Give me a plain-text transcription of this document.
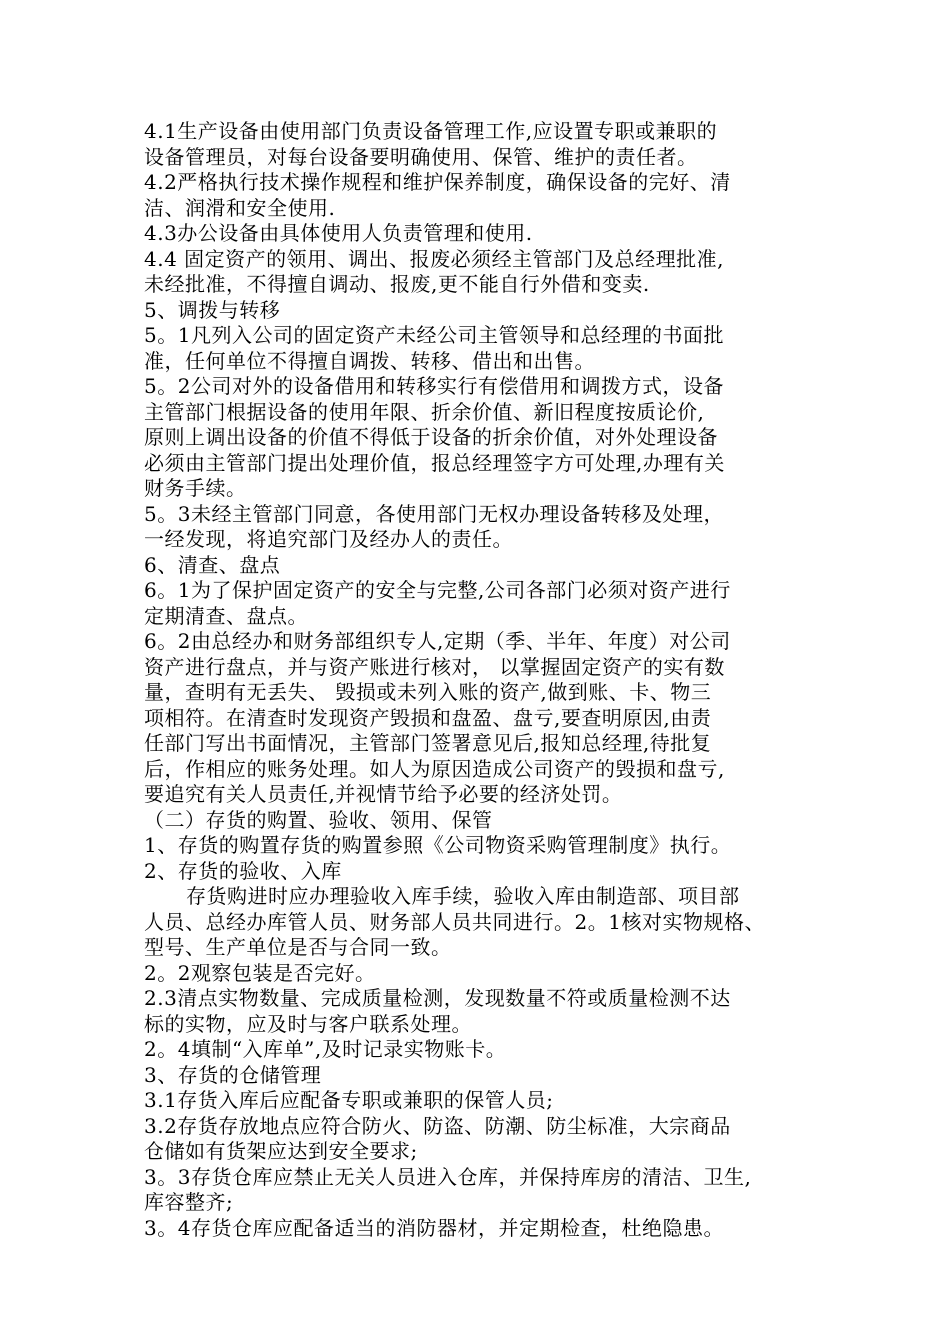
4.1生产设备由使用部门负责设备管理工作,应设置专职或兼职的
设备管理员，对每台设备要明确使用、保管、维护的责任者。
4.2严格执行技术操作规程和维护保养制度，确保设备的完好、清
洁、润滑和安全使用.
4.3办公设备由具体使用人负责管理和使用.
4.4 固定资产的领用、调出、报废必须经主管部门及总经理批准,
未经批准，不得擅自调动、报废,更不能自行外借和变卖.
5、调拨与转移
5。1凡列入公司的固定资产未经公司主管领导和总经理的书面批
准，任何单位不得擅自调拨、转移、借出和出售。
5。2公司对外的设备借用和转移实行有偿借用和调拨方式，设备
主管部门根据设备的使用年限、折余价值、新旧程度按质论价,
原则上调出设备的价值不得低于设备的折余价值，对外处理设备
必须由主管部门提出处理价值，报总经理签字方可处理,办理有关
财务手续。
5。3未经主管部门同意，各使用部门无权办理设备转移及处理，
一经发现，将追究部门及经办人的责任。
6、清查、盘点
6。1为了保护固定资产的安全与完整,公司各部门必须对资产进行
定期清查、盘点。
6。2由总经办和财务部组织专人,定期（季、半年、年度）对公司
资产进行盘点，并与资产账进行核对， 以掌握固定资产的实有数
量，查明有无丢失、 毁损或未列入账的资产,做到账、卡、物三
项相符。在清查时发现资产毁损和盘盈、盘亏,要查明原因,由责
任部门写出书面情况，主管部门签署意见后,报知总经理,待批复
后，作相应的账务处理。如人为原因造成公司资产的毁损和盘亏,
要追究有关人员责任,并视情节给予必要的经济处罚。
（二）存货的购置、验收、领用、保管
1、存货的购置存货的购置参照《公司物资采购管理制度》执行。
2、存货的验收、入库
存货购进时应办理验收入库手续，验收入库由制造部、项目部
人员、总经办库管人员、财务部人员共同进行。2。1核对实物规格、
型号、生产单位是否与合同一致。
2。2观察包装是否完好。
2.3清点实物数量、完成质量检测，发现数量不符或质量检测不达
标的实物，应及时与客户联系处理。
2。4填制“入库单”,及时记录实物账卡。
3、存货的仓储管理
3.1存货入库后应配备专职或兼职的保管人员;
3.2存货存放地点应符合防火、防盗、防潮、防尘标准，大宗商品
仓储如有货架应达到安全要求;
3。3存货仓库应禁止无关人员进入仓库，并保持库房的清洁、卫生,
库容整齐;
3。4存货仓库应配备适当的消防器材，并定期检查，杜绝隐患。
